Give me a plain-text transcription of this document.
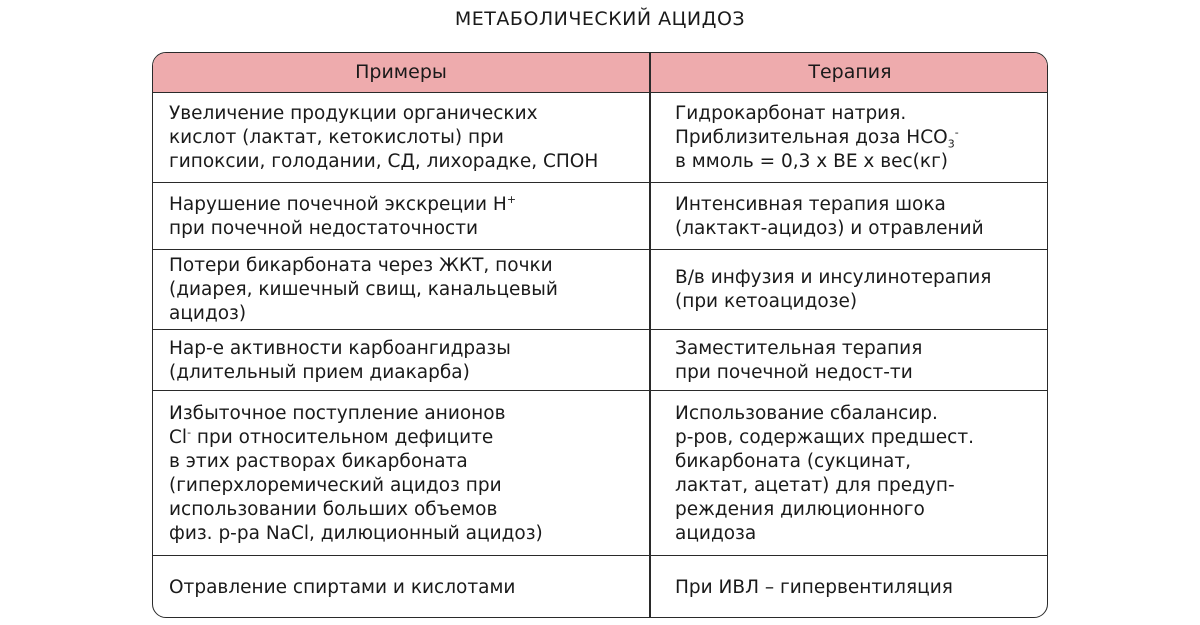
МЕТАБОЛИЧЕСКИЙ АЦИДОЗ
Примеры	Терапия
Увеличение продукции органических
кислот (лактат, кетокислоты) при
гипоксии, голодании, СД, лихорадке, СПОН
Гидрокарбонат натрия.
Приблизительная доза $НСО_3^-$
в ммоль = 0,3 х ВЕ х вес(кг)
Нарушение почечной экскреции Н+
при почечной недостаточности
Интенсивная терапия шока
(лактакт-ацидоз) и отравлений
Потери бикарбоната через ЖКТ, почки
(диарея, кишечный свищ, канальцевый
ацидоз)
В/в инфузия и инсулинотерапия
(при кетоацидозе)
Нар-е активности карбоангидразы
(длительный прием диакарба)
Заместительная терапия
при почечной недост-ти
Избыточное поступление анионов
Cl- при относительном дефиците
в этих растворах бикарбоната
(гиперхлоремический ацидоз при
использовании больших объемов
физ. р-ра NaCl, дилюционный ацидоз)
Использование сбалансир.
р-ров, содержащих предшест.
бикарбоната (сукцинат,
лактат, ацетат) для предуп-
реждения дилюционного
ацидоза
Отравление спиртами и кислотами	При ИВЛ – гипервентиляция
